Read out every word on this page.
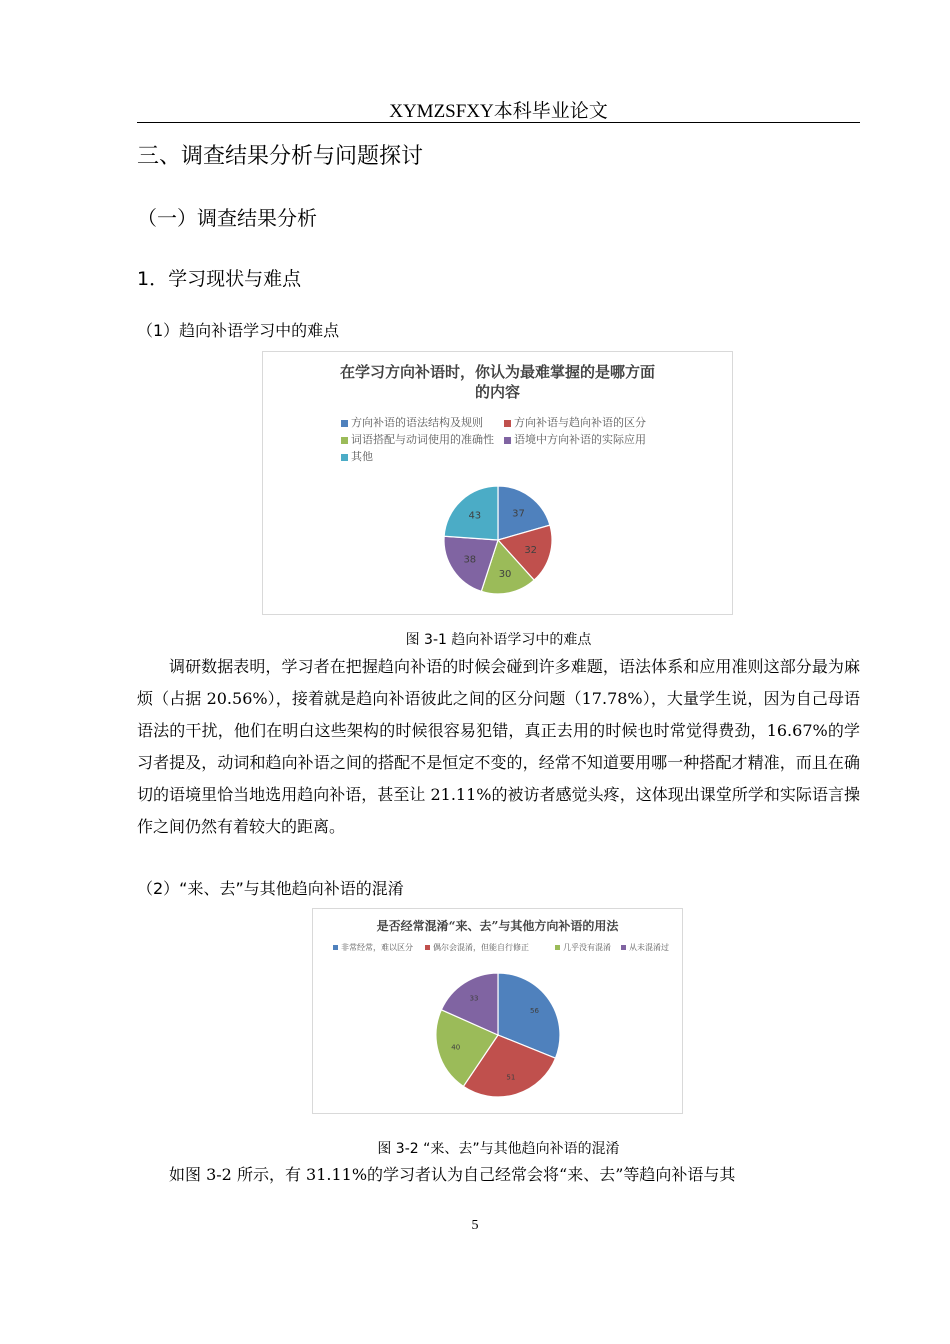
XYMZSFXY本科毕业论文
三、调查结果分析与问题探讨
（一）调查结果分析
1．学习现状与难点
（1）趋向补语学习中的难点
在学习方向补语时，你认为最难掌握的是哪方面
的内容
方向补语的语法结构及规则	方向补语与趋向补语的区分
词语搭配与动词使用的准确性	语境中方向补语的实际应用
其他
37
32
30
38
43
图 3-1 趋向补语学习中的难点

调研数据表明，学习者在把握趋向补语的时候会碰到许多难题，语法体系和应用准则这部分最为麻烦（占据 20.56%），接着就是趋向补语彼此之间的区分问题（17.78%），大量学生说，因为自己母语语法的干扰，他们在明白这些架构的时候很容易犯错，真正去用的时候也时常觉得费劲，16.67%的学习者提及，动词和趋向补语之间的搭配不是恒定不变的，经常不知道要用哪一种搭配才精准，而且在确切的语境里恰当地选用趋向补语，甚至让 21.11%的被访者感觉头疼，这体现出课堂所学和实际语言操作之间仍然有着较大的距离。

（2）“来、去”与其他趋向补语的混淆
是否经常混淆“来、去”与其他方向补语的用法
非常经常，难以区分	偶尔会混淆，但能自行修正	几乎没有混淆	从未混淆过
56
51
40
33
图 3-2 “来、去”与其他趋向补语的混淆

如图 3-2 所示，有 31.11%的学习者认为自己经常会将“来、去”等趋向补语与其

5
